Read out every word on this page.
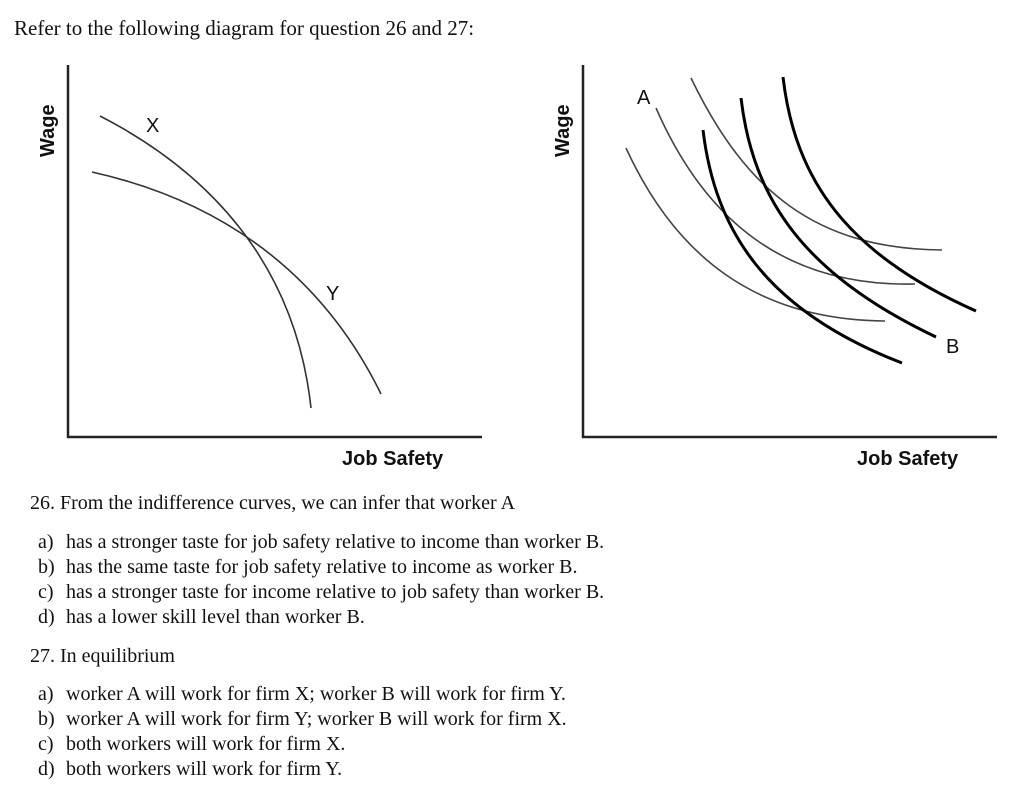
Refer to the following diagram for question 26 and 27:
Wage
Job Safety
X
Y
Wage
Job Safety
A
B
26. From the indifference curves, we can infer that worker A
a) has a stronger taste for job safety relative to income than worker B.
b) has the same taste for job safety relative to income as worker B.
c) has a stronger taste for income relative to job safety than worker B.
d) has a lower skill level than worker B.
27. In equilibrium
a) worker A will work for firm X; worker B will work for firm Y.
b) worker A will work for firm Y; worker B will work for firm X.
c) both workers will work for firm X.
d) both workers will work for firm Y.
